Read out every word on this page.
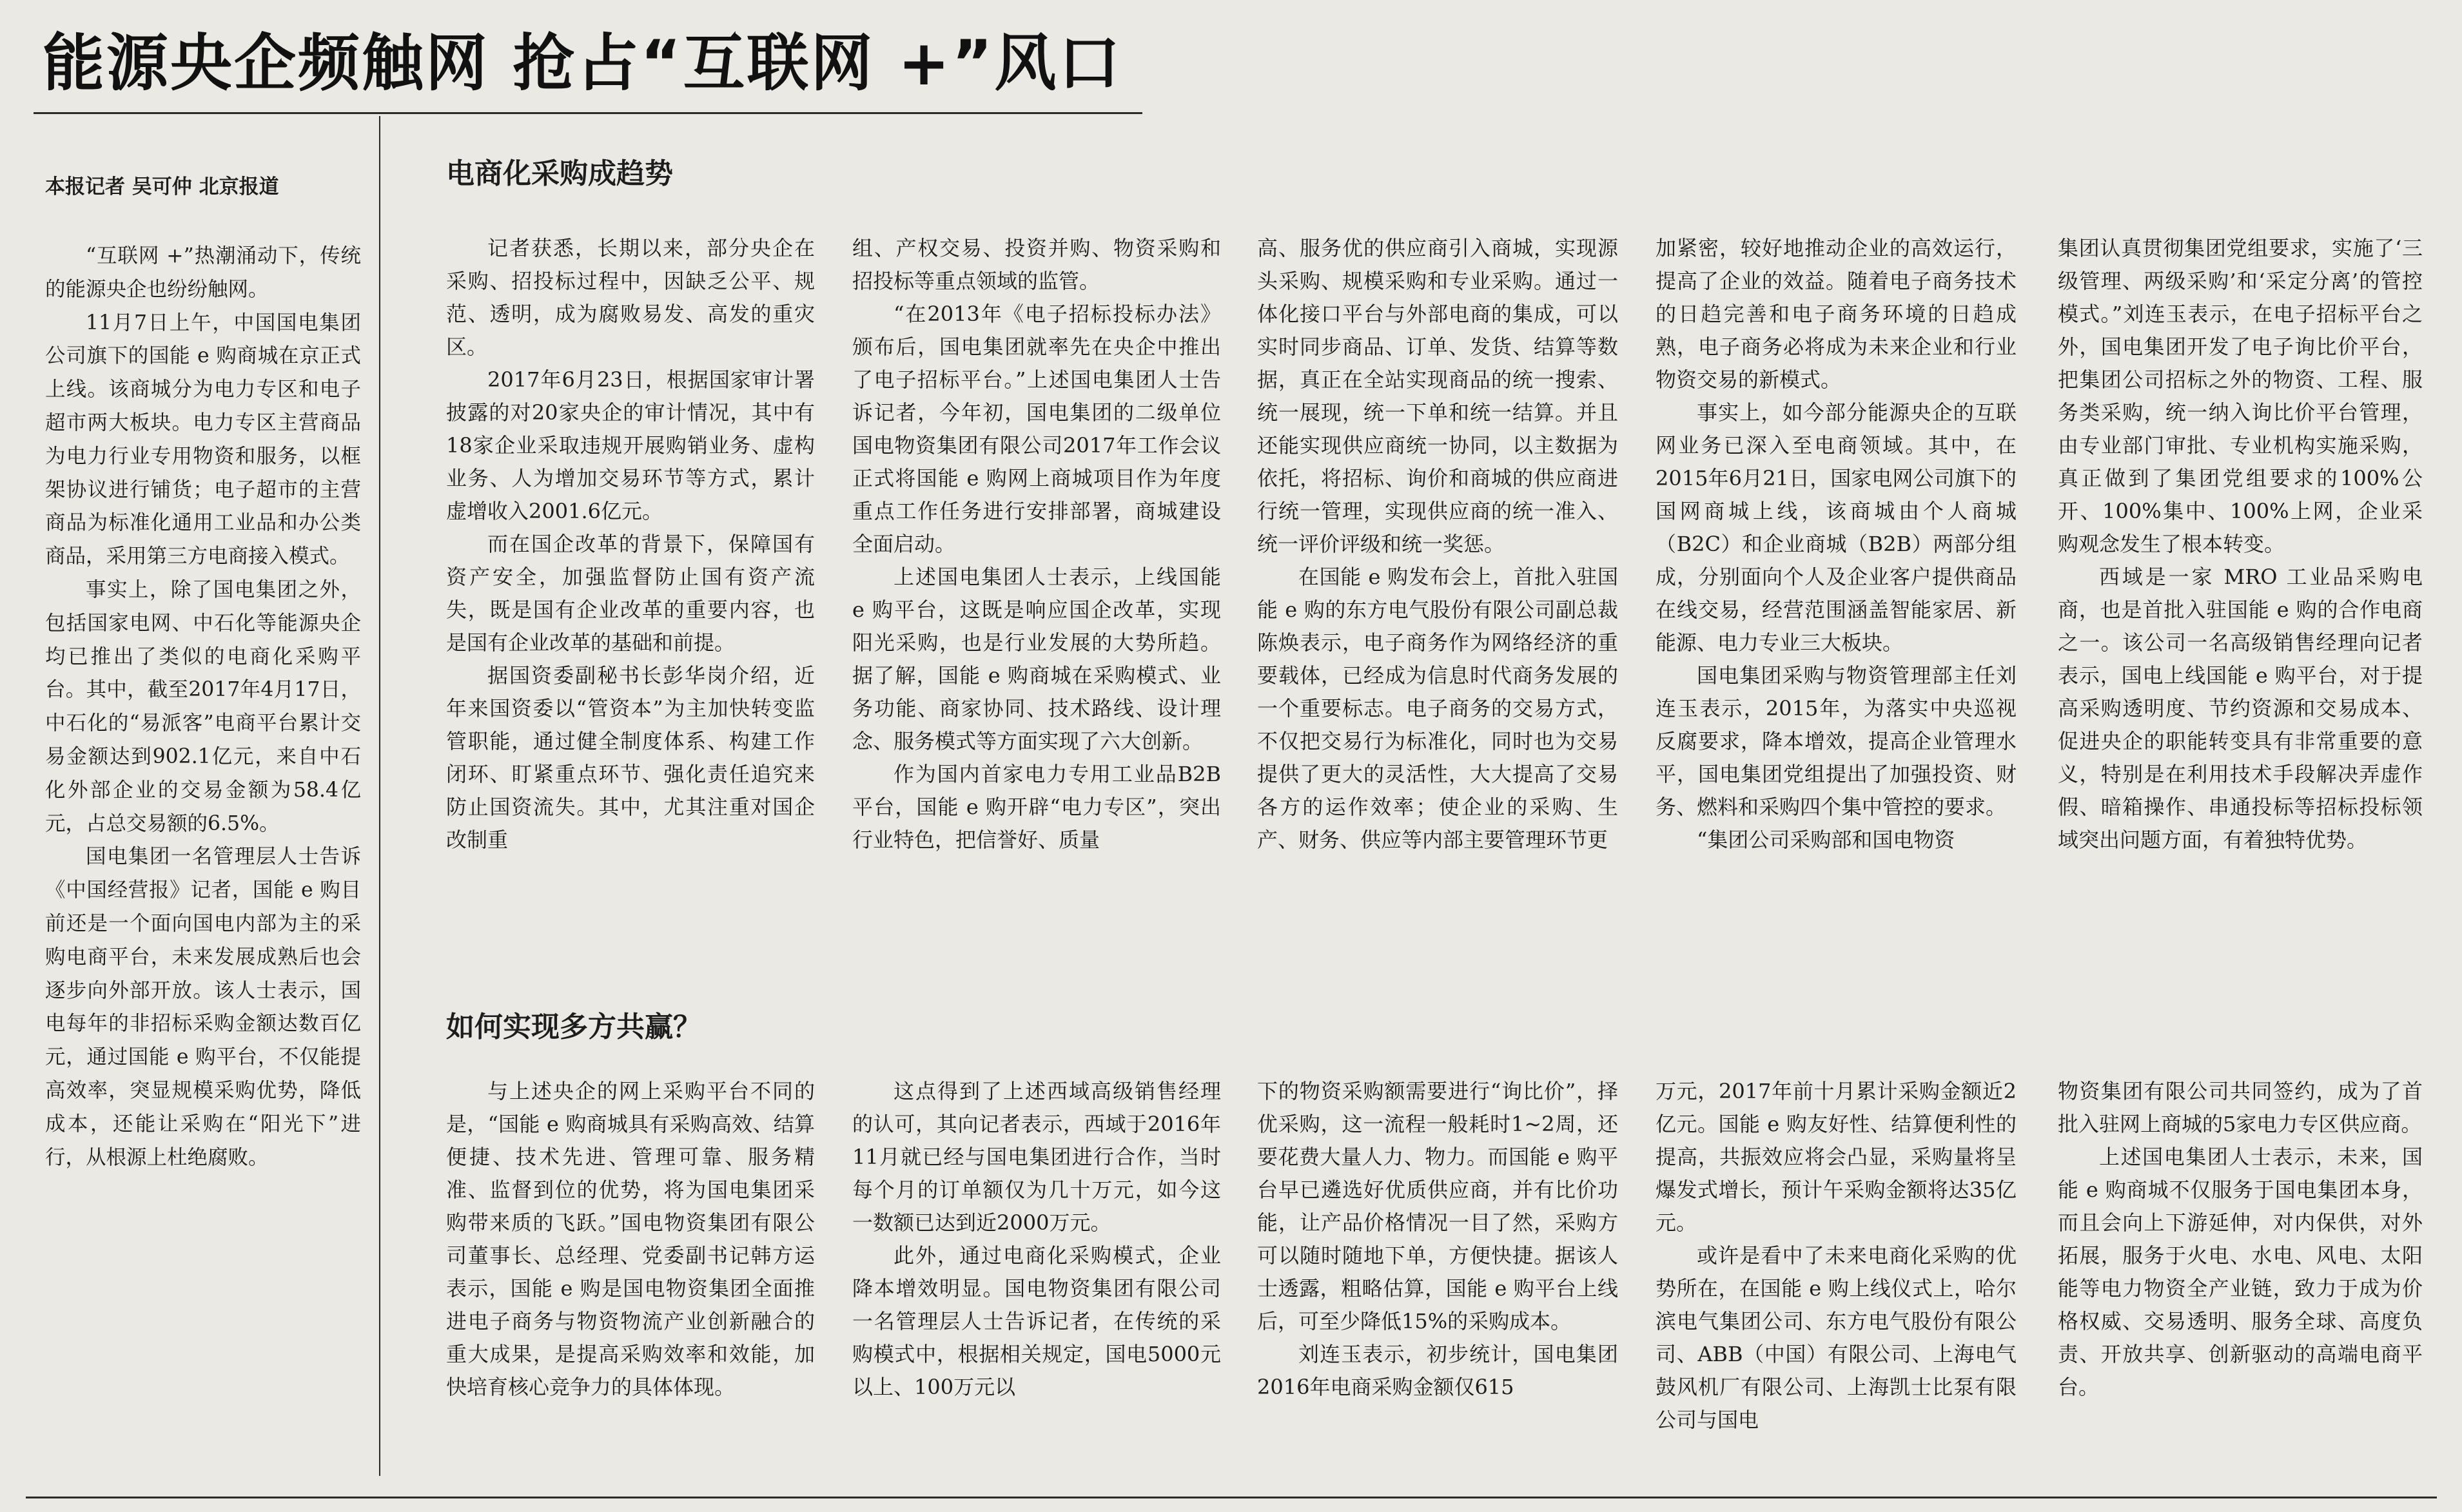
能源央企频触网 抢占“互联网 +”风口
本报记者 吴可仲 北京报道

“互联网 +”热潮涌动下，传统的能源央企也纷纷触网。

11月7日上午，中国国电集团公司旗下的国能 e 购商城在京正式上线。该商城分为电力专区和电子超市两大板块。电力专区主营商品为电力行业专用物资和服务，以框架协议进行铺货；电子超市的主营商品为标准化通用工业品和办公类商品，采用第三方电商接入模式。

事实上，除了国电集团之外，包括国家电网、中石化等能源央企均已推出了类似的电商化采购平台。其中，截至2017年4月17日，中石化的“易派客”电商平台累计交易金额达到902.1亿元，来自中石化外部企业的交易金额为58.4亿元，占总交易额的6.5%。

国电集团一名管理层人士告诉《中国经营报》记者，国能 e 购目前还是一个面向国电内部为主的采购电商平台，未来发展成熟后也会逐步向外部开放。该人士表示，国电每年的非招标采购金额达数百亿元，通过国能 e 购平台，不仅能提高效率，突显规模采购优势，降低成本，还能让采购在“阳光下”进行，从根源上杜绝腐败。

电商化采购成趋势

记者获悉，长期以来，部分央企在采购、招投标过程中，因缺乏公平、规范、透明，成为腐败易发、高发的重灾区。

2017年6月23日，根据国家审计署披露的对20家央企的审计情况，其中有18家企业采取违规开展购销业务、虚构业务、人为增加交易环节等方式，累计虚增收入2001.6亿元。

而在国企改革的背景下，保障国有资产安全，加强监督防止国有资产流失，既是国有企业改革的重要内容，也是国有企业改革的基础和前提。

据国资委副秘书长彭华岗介绍，近年来国资委以“管资本”为主加快转变监管职能，通过健全制度体系、构建工作闭环、盯紧重点环节、强化责任追究来防止国资流失。其中，尤其注重对国企改制重

组、产权交易、投资并购、物资采购和招投标等重点领域的监管。

“在2013年《电子招标投标办法》颁布后，国电集团就率先在央企中推出了电子招标平台。”上述国电集团人士告诉记者，今年初，国电集团的二级单位国电物资集团有限公司2017年工作会议正式将国能 e 购网上商城项目作为年度重点工作任务进行安排部署，商城建设全面启动。

上述国电集团人士表示，上线国能 e 购平台，这既是响应国企改革，实现阳光采购，也是行业发展的大势所趋。据了解，国能 e 购商城在采购模式、业务功能、商家协同、技术路线、设计理念、服务模式等方面实现了六大创新。

作为国内首家电力专用工业品B2B平台，国能 e 购开辟“电力专区”，突出行业特色，把信誉好、质量

高、服务优的供应商引入商城，实现源头采购、规模采购和专业采购。通过一体化接口平台与外部电商的集成，可以实时同步商品、订单、发货、结算等数据，真正在全站实现商品的统一搜索、统一展现，统一下单和统一结算。并且还能实现供应商统一协同，以主数据为依托，将招标、询价和商城的供应商进行统一管理，实现供应商的统一准入、统一评价评级和统一奖惩。

在国能 e 购发布会上，首批入驻国能 e 购的东方电气股份有限公司副总裁陈焕表示，电子商务作为网络经济的重要载体，已经成为信息时代商务发展的一个重要标志。电子商务的交易方式，不仅把交易行为标准化，同时也为交易提供了更大的灵活性，大大提高了交易各方的运作效率；使企业的采购、生产、财务、供应等内部主要管理环节更

加紧密，较好地推动企业的高效运行，提高了企业的效益。随着电子商务技术的日趋完善和电子商务环境的日趋成熟，电子商务必将成为未来企业和行业物资交易的新模式。

事实上，如今部分能源央企的互联网业务已深入至电商领域。其中，在2015年6月21日，国家电网公司旗下的国网商城上线，该商城由个人商城（B2C）和企业商城（B2B）两部分组成，分别面向个人及企业客户提供商品在线交易，经营范围涵盖智能家居、新能源、电力专业三大板块。

国电集团采购与物资管理部主任刘连玉表示，2015年，为落实中央巡视反腐要求，降本增效，提高企业管理水平，国电集团党组提出了加强投资、财务、燃料和采购四个集中管控的要求。

“集团公司采购部和国电物资

集团认真贯彻集团党组要求，实施了‘三级管理、两级采购’和‘采定分离’的管控模式。”刘连玉表示，在电子招标平台之外，国电集团开发了电子询比价平台，把集团公司招标之外的物资、工程、服务类采购，统一纳入询比价平台管理，由专业部门审批、专业机构实施采购，真正做到了集团党组要求的100%公开、100%集中、100%上网，企业采购观念发生了根本转变。

西域是一家 MRO 工业品采购电商，也是首批入驻国能 e 购的合作电商之一。该公司一名高级销售经理向记者表示，国电上线国能 e 购平台，对于提高采购透明度、节约资源和交易成本、促进央企的职能转变具有非常重要的意义，特别是在利用技术手段解决弄虚作假、暗箱操作、串通投标等招标投标领域突出问题方面，有着独特优势。

如何实现多方共赢？

与上述央企的网上采购平台不同的是，“国能 e 购商城具有采购高效、结算便捷、技术先进、管理可靠、服务精准、监督到位的优势，将为国电集团采购带来质的飞跃。”国电物资集团有限公司董事长、总经理、党委副书记韩方运表示，国能 e 购是国电物资集团全面推进电子商务与物资物流产业创新融合的重大成果，是提高采购效率和效能，加快培育核心竞争力的具体体现。

这点得到了上述西域高级销售经理的认可，其向记者表示，西域于2016年11月就已经与国电集团进行合作，当时每个月的订单额仅为几十万元，如今这一数额已达到近2000万元。

此外，通过电商化采购模式，企业降本增效明显。国电物资集团有限公司一名管理层人士告诉记者，在传统的采购模式中，根据相关规定，国电5000元以上、100万元以

下的物资采购额需要进行“询比价”，择优采购，这一流程一般耗时1~2周，还要花费大量人力、物力。而国能 e 购平台早已遴选好优质供应商，并有比价功能，让产品价格情况一目了然，采购方可以随时随地下单，方便快捷。据该人士透露，粗略估算，国能 e 购平台上线后，可至少降低15%的采购成本。

刘连玉表示，初步统计，国电集团2016年电商采购金额仅615

万元，2017年前十月累计采购金额近2亿元。国能 e 购友好性、结算便利性的提高，共振效应将会凸显，采购量将呈爆发式增长，预计午采购金额将达35亿元。

或许是看中了未来电商化采购的优势所在，在国能 e 购上线仪式上，哈尔滨电气集团公司、东方电气股份有限公司、ABB（中国）有限公司、上海电气鼓风机厂有限公司、上海凯士比泵有限公司与国电

物资集团有限公司共同签约，成为了首批入驻网上商城的5家电力专区供应商。

上述国电集团人士表示，未来，国能 e 购商城不仅服务于国电集团本身，而且会向上下游延伸，对内保供，对外拓展，服务于火电、水电、风电、太阳能等电力物资全产业链，致力于成为价格权威、交易透明、服务全球、高度负责、开放共享、创新驱动的高端电商平台。
